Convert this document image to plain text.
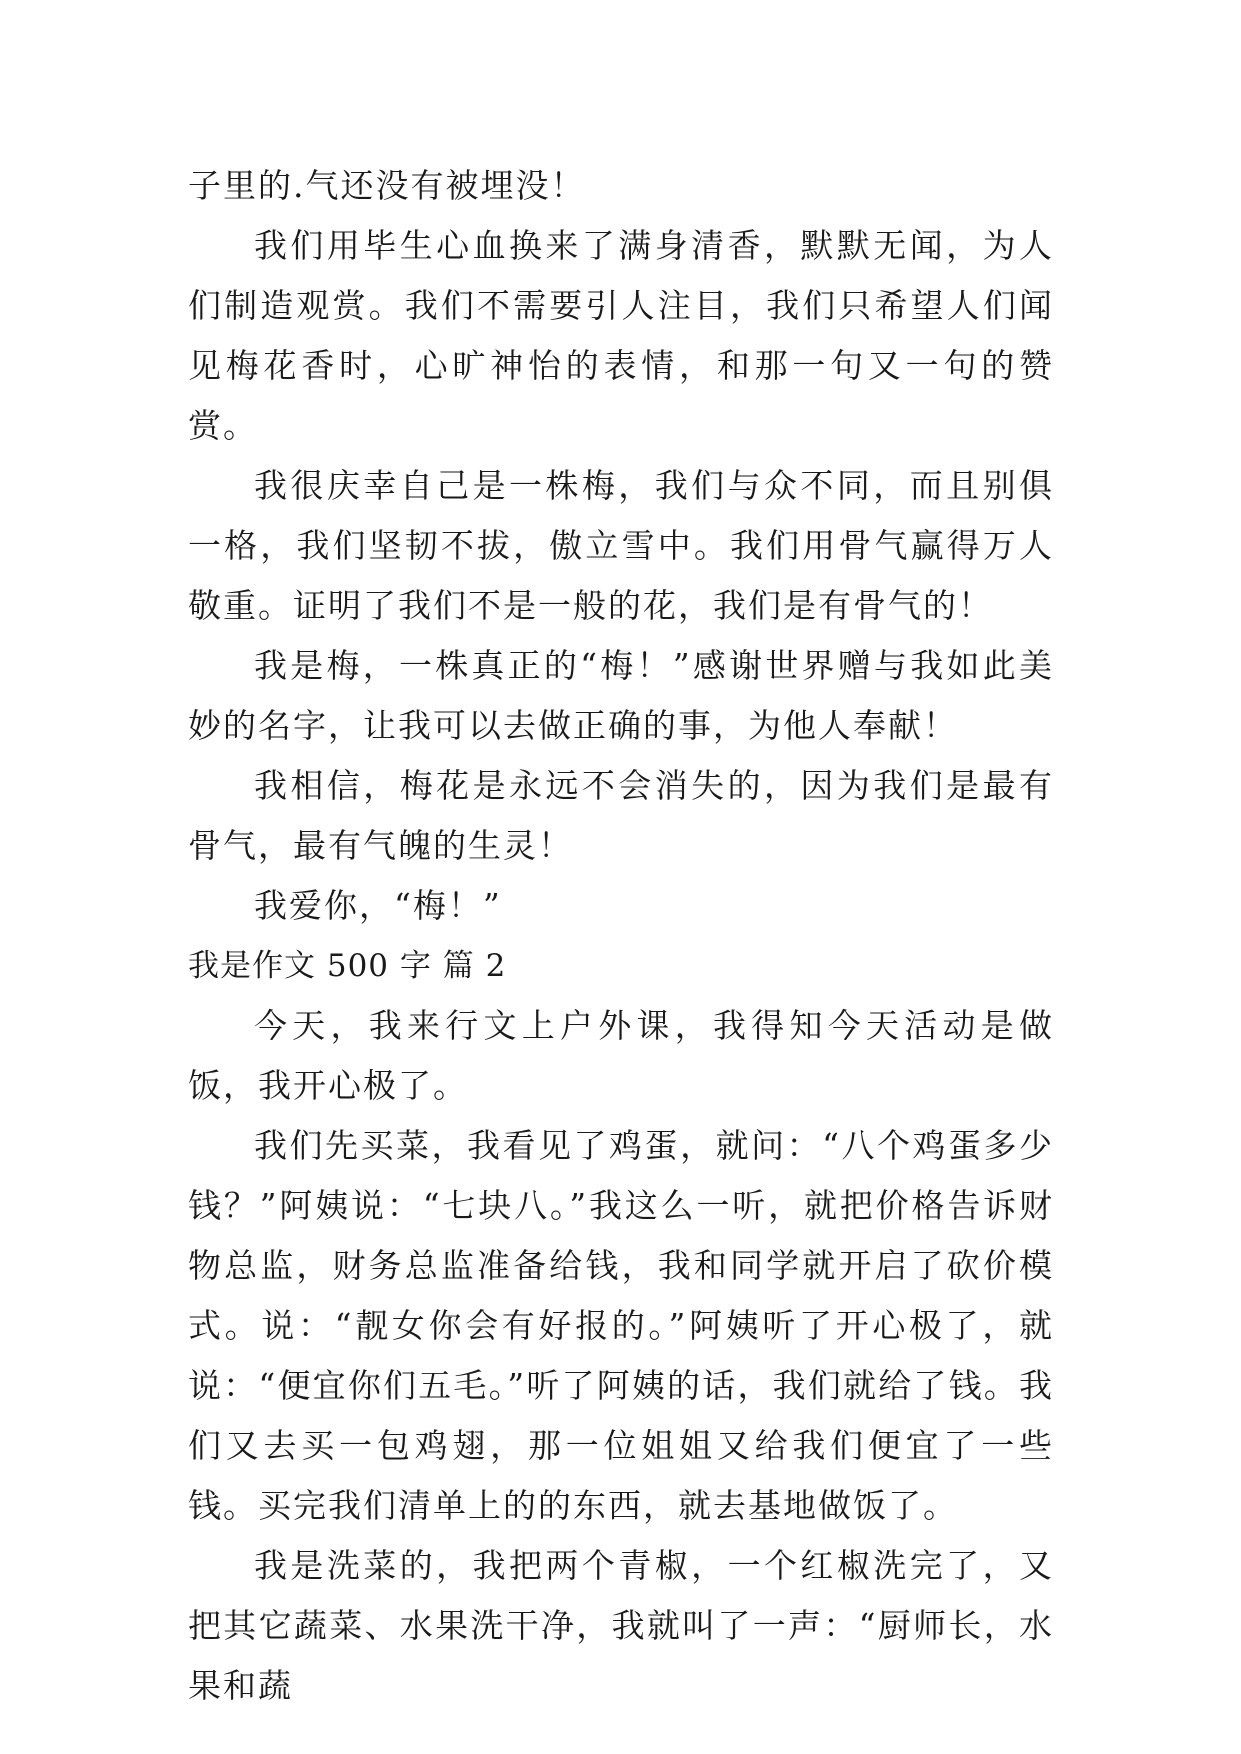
子里的.气还没有被埋没！

我们用毕生心血换来了满身清香，默默无闻，为人们制造观赏。我们不需要引人注目，我们只希望人们闻见梅花香时，心旷神怡的表情，和那一句又一句的赞赏。

我很庆幸自己是一株梅，我们与众不同，而且别俱一格，我们坚韧不拔，傲立雪中。我们用骨气赢得万人敬重。证明了我们不是一般的花，我们是有骨气的！

我是梅，一株真正的“梅！”感谢世界赠与我如此美妙的名字，让我可以去做正确的事，为他人奉献！

我相信，梅花是永远不会消失的，因为我们是最有骨气，最有气魄的生灵！

我爱你，“梅！”

我是作文 500 字 篇 2

今天，我来行文上户外课，我得知今天活动是做饭，我开心极了。

我们先买菜，我看见了鸡蛋，就问：“八个鸡蛋多少钱？”阿姨说：“七块八。”我这么一听，就把价格告诉财物总监，财务总监准备给钱，我和同学就开启了砍价模式。说：“靓女你会有好报的。”阿姨听了开心极了，就说：“便宜你们五毛。”听了阿姨的话，我们就给了钱。我们又去买一包鸡翅，那一位姐姐又给我们便宜了一些钱。买完我们清单上的的东西，就去基地做饭了。

我是洗菜的，我把两个青椒，一个红椒洗完了，又把其它蔬菜、水果洗干净，我就叫了一声：“厨师长，水果和蔬
